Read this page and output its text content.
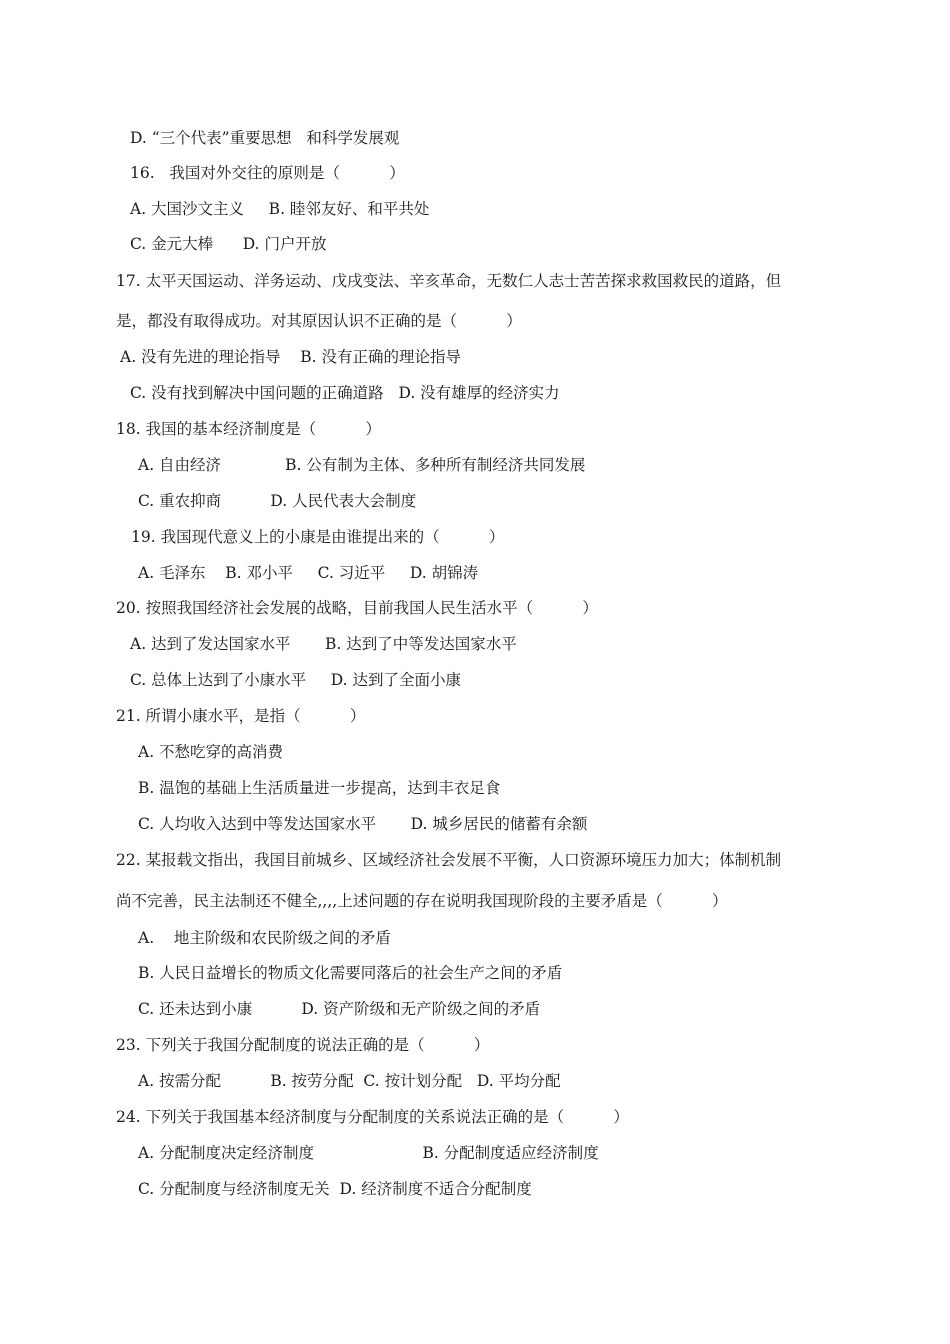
D. “三个代表”重要思想   和科学发展观
16.   我国对外交往的原则是（          ）
A. 大国沙文主义     B. 睦邻友好、和平共处
C. 金元大棒      D. 门户开放
17. 太平天国运动、洋务运动、戊戌变法、辛亥革命，无数仁人志士苦苦探求救国救民的道路，但
是，都没有取得成功。对其原因认识不正确的是（          ）
A. 没有先进的理论指导    B. 没有正确的理论指导
C. 没有找到解决中国问题的正确道路   D. 没有雄厚的经济实力
18. 我国的基本经济制度是（          ）
A. 自由经济             B. 公有制为主体、多种所有制经济共同发展
C. 重农抑商          D. 人民代表大会制度
19. 我国现代意义上的小康是由谁提出来的（          ）
A. 毛泽东    B. 邓小平     C. 习近平     D. 胡锦涛
20. 按照我国经济社会发展的战略，目前我国人民生活水平（          ）
A. 达到了发达国家水平       B. 达到了中等发达国家水平
C. 总体上达到了小康水平     D. 达到了全面小康
21. 所谓小康水平，是指（          ）
A. 不愁吃穿的高消费
B. 温饱的基础上生活质量进一步提高，达到丰衣足食
C. 人均收入达到中等发达国家水平       D. 城乡居民的储蓄有余额
22. 某报载文指出，我国目前城乡、区域经济社会发展不平衡，人口资源环境压力加大；体制机制
尚不完善，民主法制还不健全,,,,上述问题的存在说明我国现阶段的主要矛盾是（          ）
A.    地主阶级和农民阶级之间的矛盾
B. 人民日益增长的物质文化需要同落后的社会生产之间的矛盾
C. 还未达到小康          D. 资产阶级和无产阶级之间的矛盾
23. 下列关于我国分配制度的说法正确的是（          ）
A. 按需分配          B. 按劳分配  C. 按计划分配   D. 平均分配
24. 下列关于我国基本经济制度与分配制度的关系说法正确的是（          ）
A. 分配制度决定经济制度                      B. 分配制度适应经济制度
C. 分配制度与经济制度无关  D. 经济制度不适合分配制度
